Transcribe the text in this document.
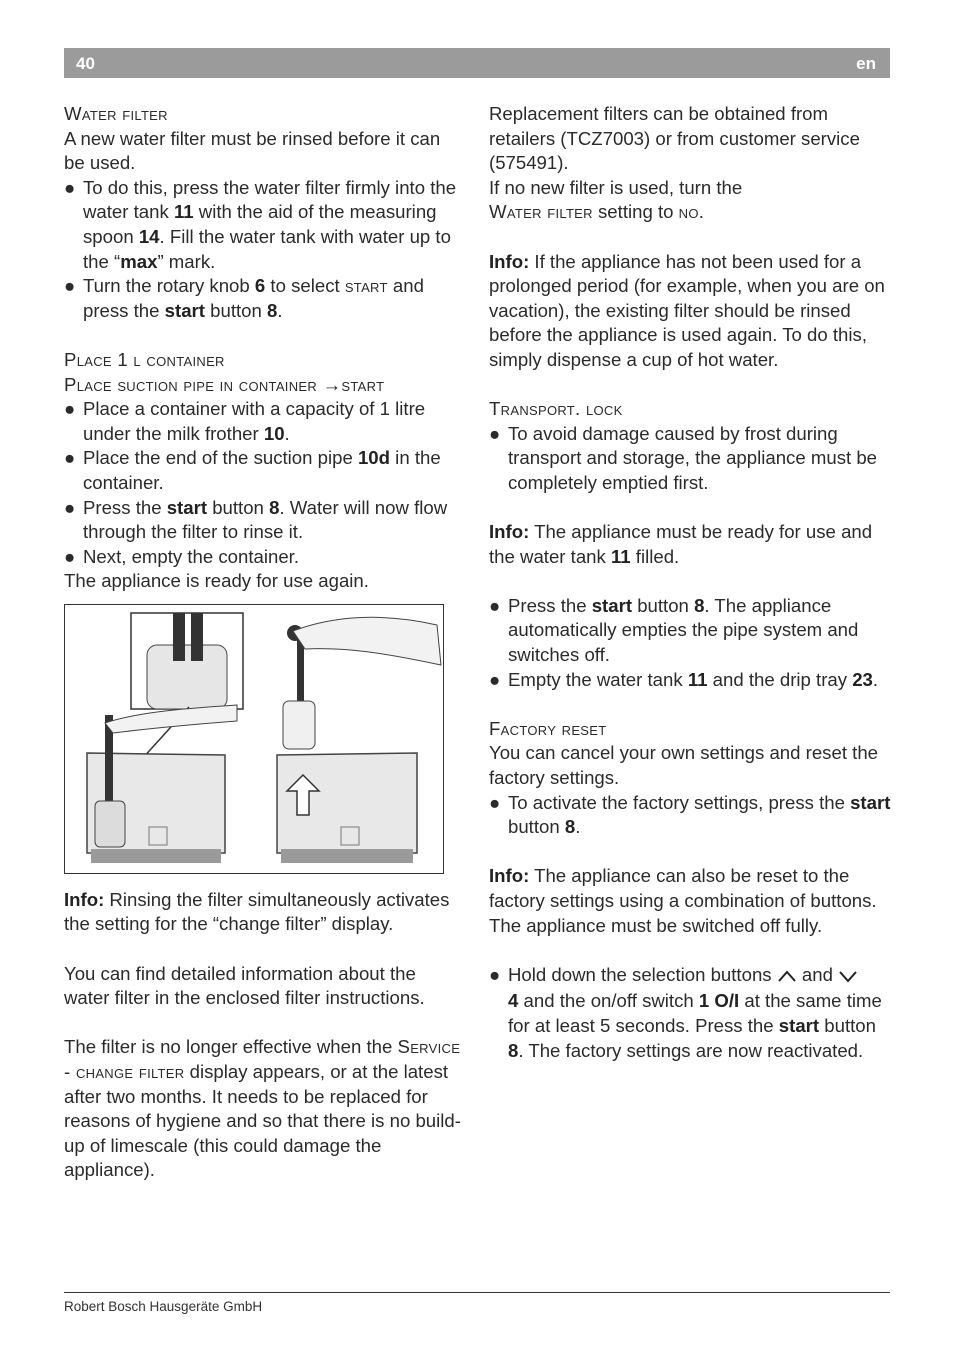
40	en

Water filter

A new water filter must be rinsed before it can be used.

● To do this, press the water filter firmly into the water tank 11 with the aid of the measuring spoon 14. Fill the water tank with water up to the “max” mark.
● Turn the rotary knob 6 to select start and press the start button 8.

Place 1 l container

Place suction pipe in container →start

● Place a container with a capacity of 1 litre under the milk frother 10.
● Place the end of the suction pipe 10d in the container.
● Press the start button 8. Water will now flow through the filter to rinse it.
● Next, empty the container.

The appliance is ready for use again.

Info: Rinsing the filter simultaneously activates the setting for the “change filter” display.

You can find detailed information about the water filter in the enclosed filter instructions.

The filter is no longer effective when the Service - change filter display appears, or at the latest after two months. It needs to be replaced for reasons of hygiene and so that there is no build-up of limescale (this could damage the appliance).

Replacement filters can be obtained from retailers (TCZ7003) or from customer service (575491).

If no new filter is used, turn the
Water filter setting to no.

Info: If the appliance has not been used for a prolonged period (for example, when you are on vacation), the existing filter should be rinsed before the appliance is used again. To do this, simply dispense a cup of hot water.

Transport. lock

● To avoid damage caused by frost during transport and storage, the appliance must be completely emptied first.

Info: The appliance must be ready for use and the water tank 11 filled.

● Press the start button 8. The appliance automatically empties the pipe system and switches off.
● Empty the water tank 11 and the drip tray 23.

Factory reset

You can cancel your own settings and reset the factory settings.

● To activate the factory settings, press the start button 8.

Info: The appliance can also be reset to the factory settings using a combination of buttons. The appliance must be switched off fully.

● Hold down the selection buttons  and
4 and the on/off switch 1 O/I at the same time for at least 5 seconds. Press the start button 8. The factory settings are now reactivated.
Robert Bosch Hausgeräte GmbH
